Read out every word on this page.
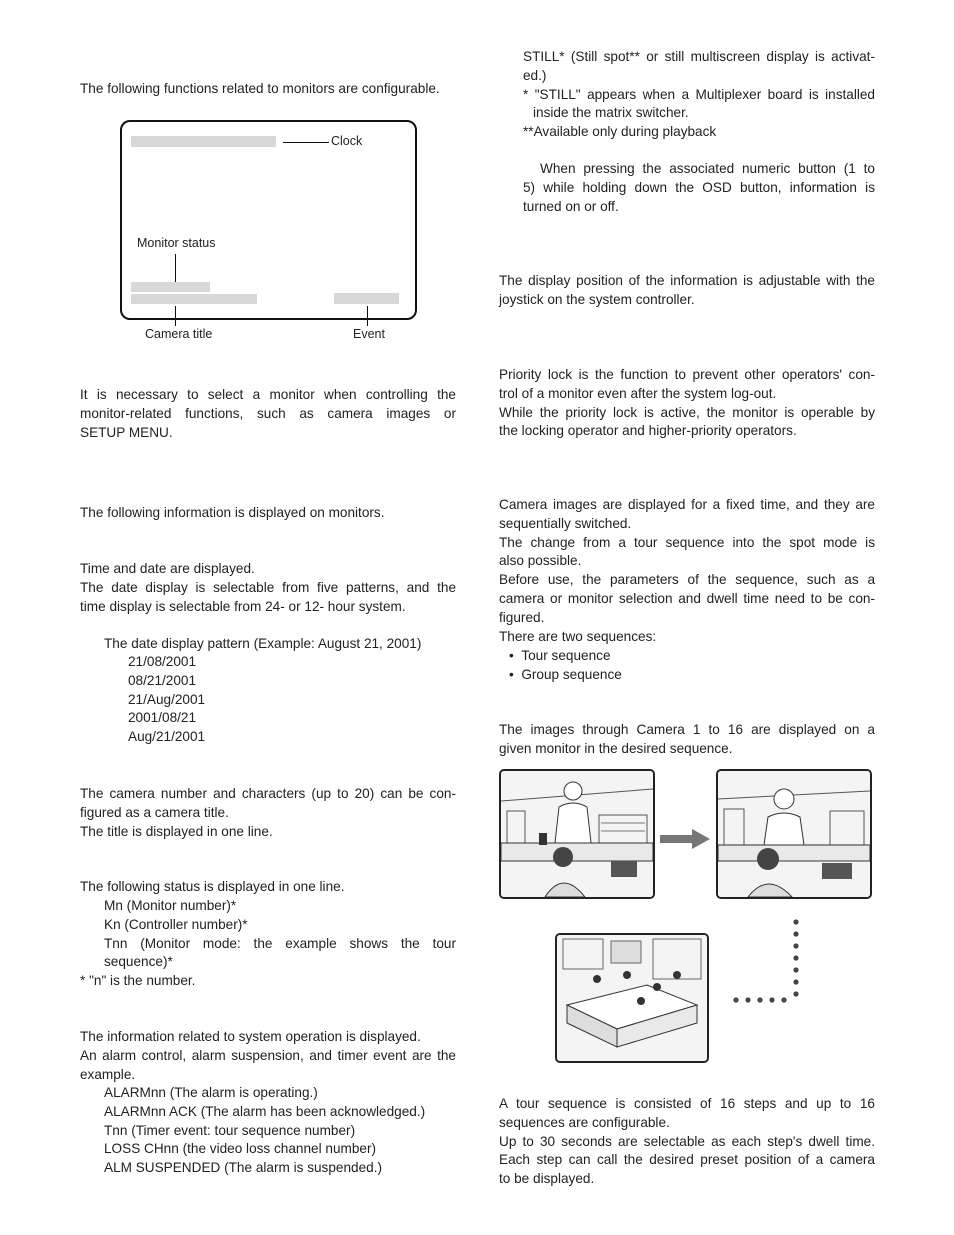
The following functions related to monitors are configurable.

Clock
Monitor status
Camera title	Event

It is necessary to select a monitor when controlling the
monitor-related functions, such as camera images or
SETUP MENU.

The following information is displayed on monitors.

Time and date are displayed.
The date display is selectable from five patterns, and the
time display is selectable from 24- or 12- hour system.

The date display pattern (Example: August 21, 2001)

21/08/2001
08/21/2001
21/Aug/2001
2001/08/21
Aug/21/2001

The camera number and characters (up to 20) can be con-
figured as a camera title.
The title is displayed in one line.

The following status is displayed in one line.

Mn (Monitor number)*
Kn (Controller number)*
Tnn (Monitor mode: the example shows the tour
sequence)*

* "n" is the number.

The information related to system operation is displayed.
An alarm control, alarm suspension, and timer event are the
example.

ALARMnn (The alarm is operating.)
ALARMnn ACK (The alarm has been acknowledged.)
Tnn (Timer event: tour sequence number)
LOSS CHnn (the video loss channel number)
ALM SUSPENDED (The alarm is suspended.)
STILL* (Still spot** or still multiscreen display is activat-
ed.)
* "STILL" appears when a Multiplexer board is installed
inside the matrix switcher.
**Available only during playback

When pressing the associated numeric button (1 to
5) while holding down the OSD button, information is
turned on or off.

The display position of the information is adjustable with the
joystick on the system controller.

Priority lock is the function to prevent other operators' con-
trol of a monitor even after the system log-out.
While the priority lock is active, the monitor is operable by
the locking operator and higher-priority operators.

Camera images are displayed for a fixed time, and they are
sequentially switched.
The change from a tour sequence into the spot mode is
also possible.
Before use, the parameters of the sequence, such as a
camera or monitor selection and dwell time need to be con-
figured.
There are two sequences:

•  Tour sequence
•  Group sequence

The images through Camera 1 to 16 are displayed on a
given monitor in the desired sequence.

A tour sequence is consisted of 16 steps and up to 16
sequences are configurable.
Up to 30 seconds are selectable as each step's dwell time.
Each step can call the desired preset position of a camera
to be displayed.
